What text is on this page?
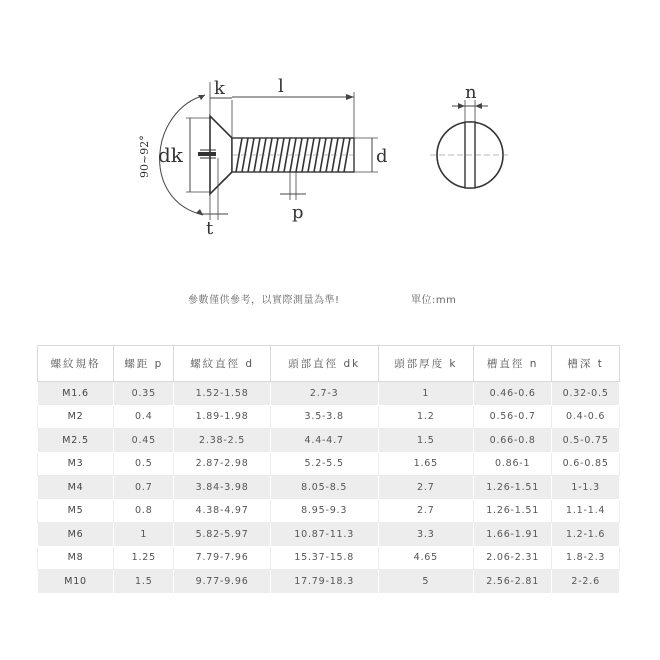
90~92° dk
k	l
d
p
t
n
參數僅供參考，以實際測量為準!	單位:mm
螺紋規格	螺距 p	螺紋直徑 d	頭部直徑 dk	頭部厚度 k	槽直徑 n	槽深 t
M1.6	0.35	1.52-1.58	2.7-3	1	0.46-0.6	0.32-0.5
M2	0.4	1.89-1.98	3.5-3.8	1.2	0.56-0.7	0.4-0.6
M2.5	0.45	2.38-2.5	4.4-4.7	1.5	0.66-0.8	0.5-0.75
M3	0.5	2.87-2.98	5.2-5.5	1.65	0.86-1	0.6-0.85
M4	0.7	3.84-3.98	8.05-8.5	2.7	1.26-1.51	1-1.3
M5	0.8	4.38-4.97	8.95-9.3	2.7	1.26-1.51	1.1-1.4
M6	1	5.82-5.97	10.87-11.3	3.3	1.66-1.91	1.2-1.6
M8	1.25	7.79-7.96	15.37-15.8	4.65	2.06-2.31	1.8-2.3
M10	1.5	9.77-9.96	17.79-18.3	5	2.56-2.81	2-2.6
